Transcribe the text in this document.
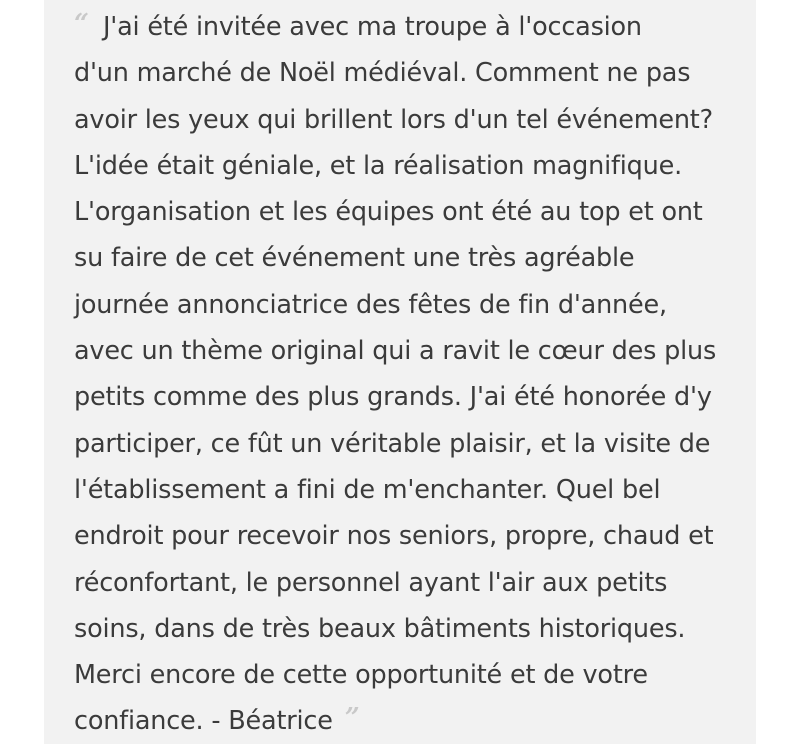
“ J'ai été invitée avec ma troupe à l'occasion
d'un marché de Noël médiéval. Comment ne pas
avoir les yeux qui brillent lors d'un tel événement?
L'idée était géniale, et la réalisation magnifique.
L'organisation et les équipes ont été au top et ont
su faire de cet événement une très agréable
journée annonciatrice des fêtes de fin d'année,
avec un thème original qui a ravit le cœur des plus
petits comme des plus grands. J'ai été honorée d'y
participer, ce fût un véritable plaisir, et la visite de
l'établissement a fini de m'enchanter. Quel bel
endroit pour recevoir nos seniors, propre, chaud et
réconfortant, le personnel ayant l'air aux petits
soins, dans de très beaux bâtiments historiques.
Merci encore de cette opportunité et de votre
confiance. - Béatrice ”
